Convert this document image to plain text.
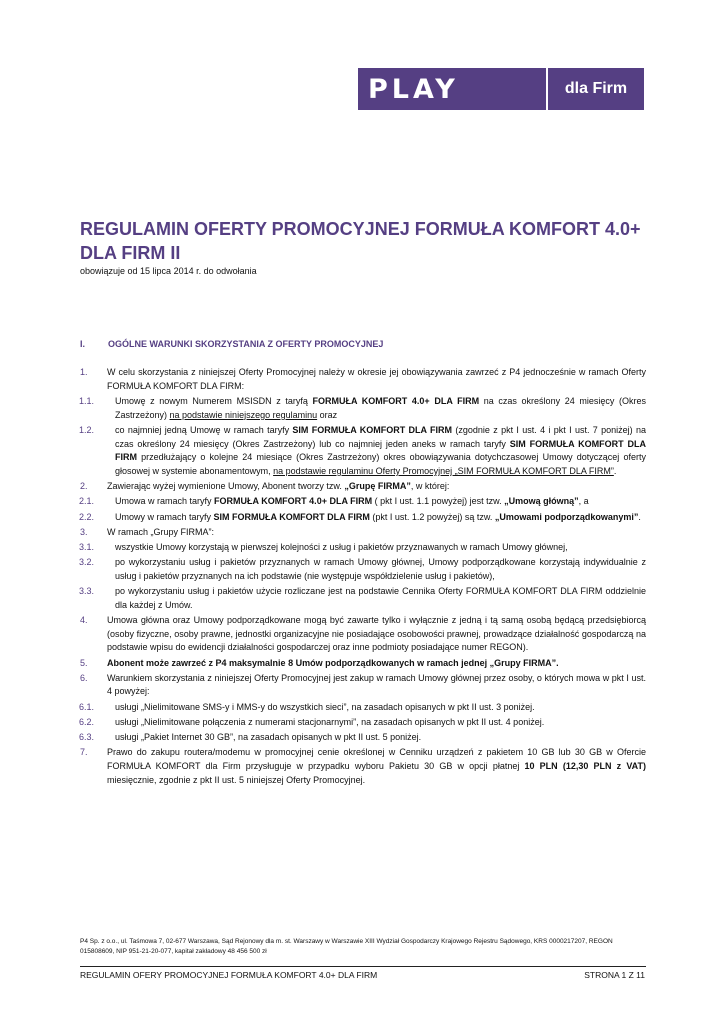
PLAY	dla Firm
REGULAMIN OFERTY PROMOCYJNEJ FORMUŁA KOMFORT 4.0+
DLA FIRM II

obowiązuje od 15 lipca 2014 r. do odwołania

I.	OGÓLNE WARUNKI SKORZYSTANIA Z OFERTY PROMOCYJNEJ

1. W celu skorzystania z niniejszej Oferty Promocyjnej należy w okresie jej obowiązywania zawrzeć z P4 jednocześnie w ramach Oferty FORMUŁA KOMFORT DLA FIRM:
1.1. Umowę z nowym Numerem MSISDN z taryfą FORMUŁA KOMFORT 4.0+ DLA FIRM na czas określony 24 miesięcy (Okres Zastrzeżony) na podstawie niniejszego regulaminu oraz
1.2. co najmniej jedną Umowę w ramach taryfy SIM FORMUŁA KOMFORT DLA FIRM (zgodnie z pkt I ust. 4 i pkt I ust. 7 poniżej) na czas określony 24 miesięcy (Okres Zastrzeżony) lub co najmniej jeden aneks w ramach taryfy SIM FORMUŁA KOMFORT DLA FIRM przedłużający o kolejne 24 miesiące (Okres Zastrzeżony) okres obowiązywania dotychczasowej Umowy dotyczącej oferty głosowej w systemie abonamentowym, na podstawie regulaminu Oferty Promocyjnej „SIM FORMUŁA KOMFORT DLA FIRM”.
2. Zawierając wyżej wymienione Umowy, Abonent tworzy tzw. „Grupę FIRMA”, w której:
2.1. Umowa w ramach taryfy FORMUŁA KOMFORT 4.0+ DLA FIRM ( pkt I ust. 1.1 powyżej) jest tzw. „Umową główną”, a
2.2. Umowy w ramach taryfy SIM FORMUŁA KOMFORT DLA FIRM (pkt I ust. 1.2 powyżej) są tzw. „Umowami podporządkowanymi”.
3. W ramach „Grupy FIRMA”:
3.1. wszystkie Umowy korzystają w pierwszej kolejności z usług i pakietów przyznawanych w ramach Umowy głównej,
3.2. po wykorzystaniu usług i pakietów przyznanych w ramach Umowy głównej, Umowy podporządkowane korzystają indywidualnie z usług i pakietów przyznanych na ich podstawie (nie występuje współdzielenie usług i pakietów),
3.3. po wykorzystaniu usług i pakietów użycie rozliczane jest na podstawie Cennika Oferty FORMUŁA KOMFORT DLA FIRM oddzielnie dla każdej z Umów.
4. Umowa główna oraz Umowy podporządkowane mogą być zawarte tylko i wyłącznie z jedną i tą samą osobą będącą przedsiębiorcą (osoby fizyczne, osoby prawne, jednostki organizacyjne nie posiadające osobowości prawnej, prowadzące działalność gospodarczą na podstawie wpisu do ewidencji działalności gospodarczej oraz inne podmioty posiadające numer REGON).
5. Abonent może zawrzeć z P4 maksymalnie 8 Umów podporządkowanych w ramach jednej „Grupy FIRMA”.
6. Warunkiem skorzystania z niniejszej Oferty Promocyjnej jest zakup w ramach Umowy głównej przez osoby, o których mowa w pkt I ust. 4 powyżej:
6.1. usługi „Nielimitowane SMS-y i MMS-y do wszystkich sieci”, na zasadach opisanych w pkt II ust. 3 poniżej.
6.2. usługi „Nielimitowane połączenia z numerami stacjonarnymi”, na zasadach opisanych w pkt II ust. 4 poniżej.
6.3. usługi „Pakiet Internet 30 GB”, na zasadach opisanych w pkt II ust. 5 poniżej.
7. Prawo do zakupu routera/modemu w promocyjnej cenie określonej w Cenniku urządzeń z pakietem 10 GB lub 30 GB w Ofercie FORMUŁA KOMFORT dla Firm przysługuje w przypadku wyboru Pakietu 30 GB w opcji płatnej 10 PLN (12,30 PLN z VAT) miesięcznie, zgodnie z pkt II ust. 5 niniejszej Oferty Promocyjnej.
P4 Sp. z o.o., ul. Taśmowa 7, 02-677 Warszawa, Sąd Rejonowy dla m. st. Warszawy w Warszawie XIII Wydział Gospodarczy Krajowego Rejestru Sądowego, KRS 0000217207, REGON 015808609, NIP 951-21-20-077, kapitał zakładowy 48 456 500 zł
REGULAMIN OFERY PROMOCYJNEJ FORMUŁA KOMFORT 4.0+ DLA FIRM	STRONA 1 Z 11
